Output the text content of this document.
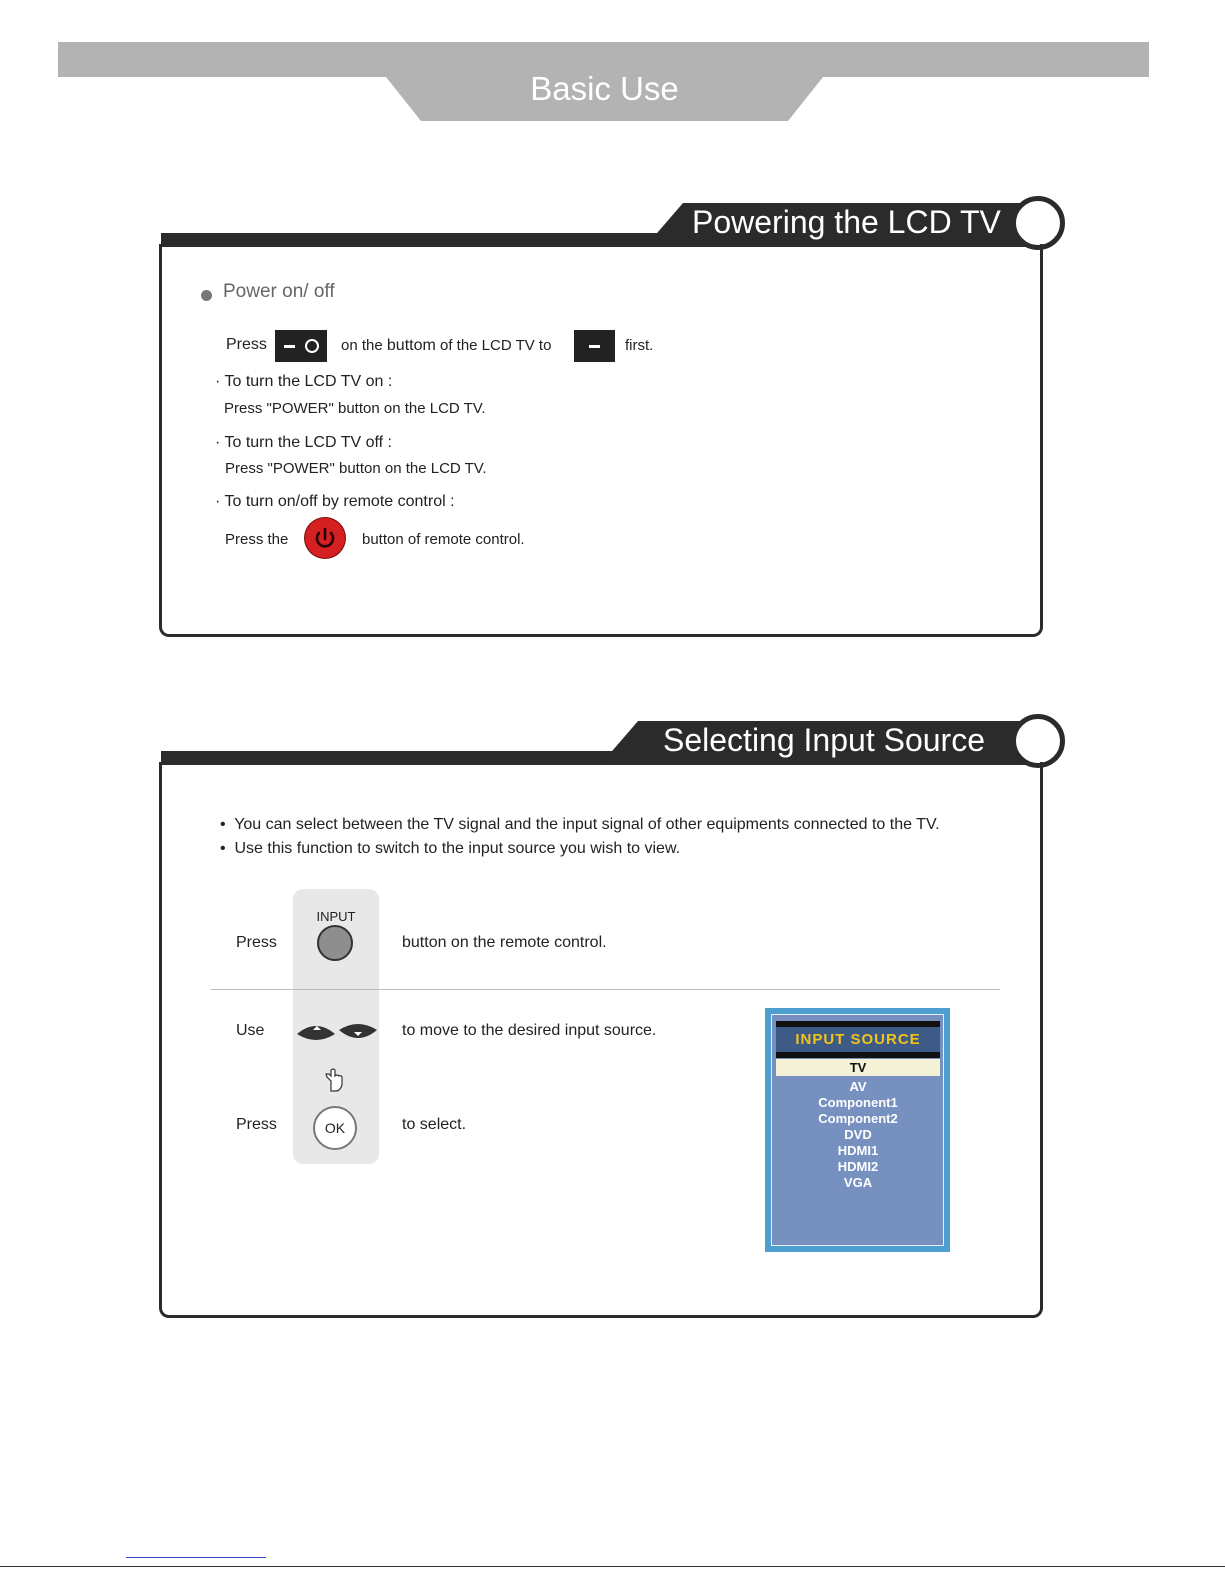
Basic Use
Powering the LCD TV
Power on/ off
Press	on the buttom of the LCD TV to	first.
· To turn the LCD TV on :
Press "POWER" button on the LCD TV.
· To turn the LCD TV off :
Press "POWER" button on the LCD TV.
· To turn on/off by remote control :
Press the	button of remote control.
Selecting Input Source
•  You can select between the TV signal and the input signal of other equipments connected to the TV.
•  Use this function to switch to the input source you wish to view.
Press
INPUT
button on the remote control.
Use	to move to the desired input source.
Press	OK	to select.
INPUT SOURCE
TV
AV
Component1
Component2
DVD
HDMI1
HDMI2
VGA
